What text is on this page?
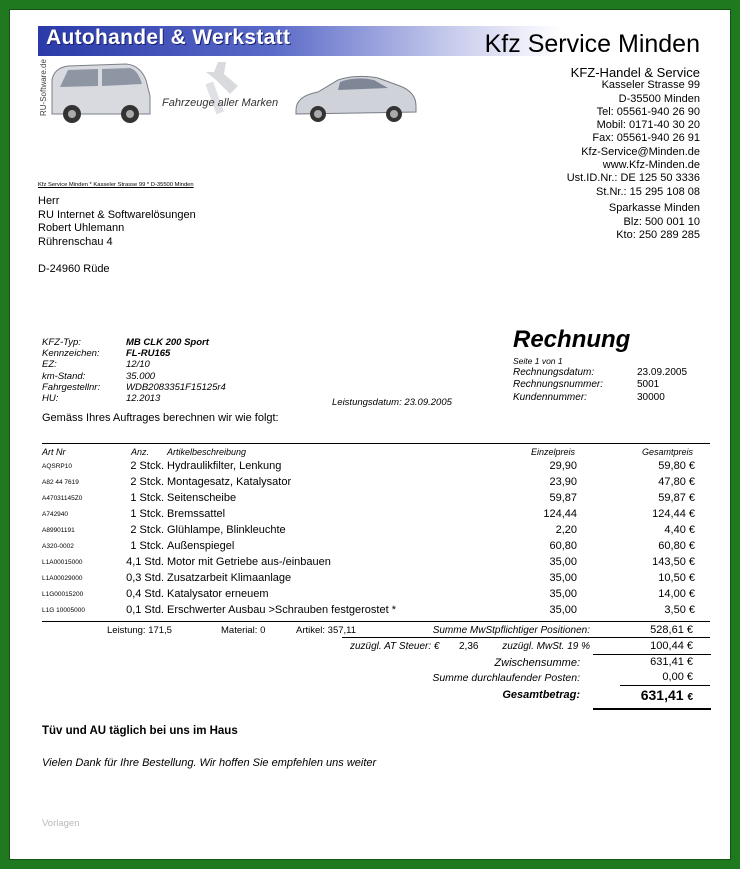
Autohandel & Werkstatt	Kfz Service Minden
RU-Software.de	Fahrzeuge aller Marken
KFZ-Handel & Service
Kasseler Strasse 99
D-35500 Minden
Tel: 05561-940 26 90
Mobil: 0171-40 30 20
Fax: 05561-940 26 91
Kfz-Service@Minden.de
www.Kfz-Minden.de
Ust.ID.Nr.: DE 125 50 3336
St.Nr.: 15 295 108 08
Sparkasse Minden
Blz: 500 001 10
Kto: 250 289 285
Kfz Service Minden * Kasseler Strasse 99 * D-35500 Minden
Herr
RU Internet & Softwarelösungen
Robert Uhlemann
Rührenschau 4
D-24960 Rüde
KFZ-Typ:	MB CLK 200 Sport
Kennzeichen:	FL-RU165
EZ:	12/10
km-Stand:	35.000
Fahrgestellnr:	WDB2083351F15125r4
HU:	12.2013	Leistungsdatum: 23.09.2005
Rechnung
Seite 1 von 1
Rechnungsdatum:	23.09.2005
Rechnungsnummer:	5001
Kundennummer:	30000
Gemäss Ihres Auftrages berechnen wir wie folgt:
Art Nr	Anz. Artikelbeschreibung	Einzelpreis	Gesamtpreis
AQSRP10	2 Stck. Hydraulikfilter, Lenkung	29,90	59,80 €
A82 44 7619	2 Stck. Montagesatz, Katalysator	23,90	47,80 €
A47031145Z0	1 Stck. Seitenscheibe	59,87	59,87 €
A742940	1 Stck. Bremssattel	124,44	124,44 €
A89901191	2 Stck. Glühlampe, Blinkleuchte	2,20	4,40 €
A320-0002	1 Stck. Außenspiegel	60,80	60,80 €
L1A00015000	4,1 Std. Motor mit Getriebe aus-/einbauen	35,00	143,50 €
L1A00029000	0,3 Std. Zusatzarbeit Klimaanlage	35,00	10,50 €
L1G00015200	0,4 Std. Katalysator erneuem	35,00	14,00 €
L1G 10005000	0,1 Std. Erschwerter Ausbau >Schrauben festgerostet *	35,00	3,50 €
Leistung: 171,5	Material: 0	Artikel: 357,11	Summe MwStpflichtiger Positionen:	528,61 €
zuzügl. AT Steuer: € 2,36 zuzügl. MwSt. 19 %	100,44 €
Zwischensumme:	631,41 €
Summe durchlaufender Posten:	0,00 €
Gesamtbetrag:	631,41 €
Tüv und AU täglich bei uns im Haus
Vielen Dank für Ihre Bestellung. Wir hoffen Sie empfehlen uns weiter
Vorlagen
